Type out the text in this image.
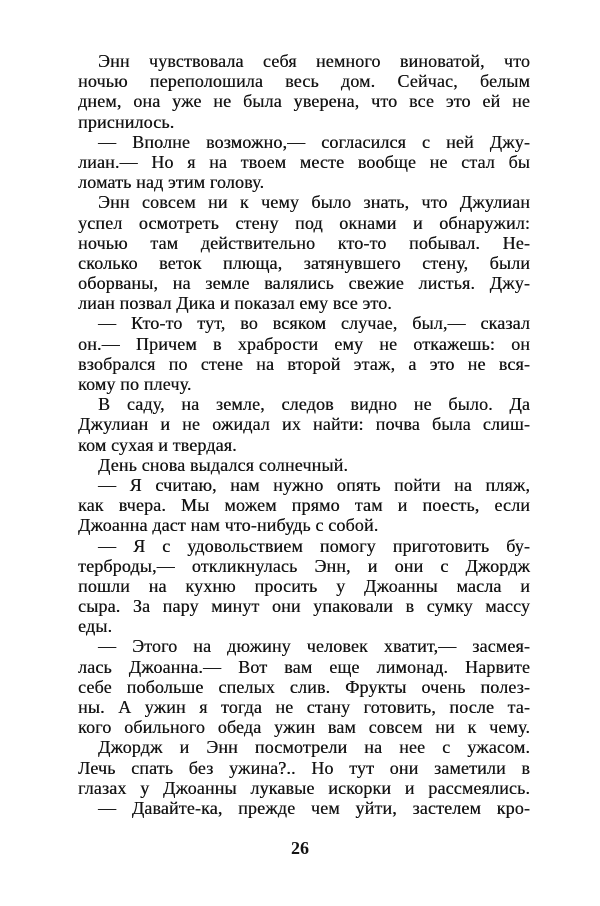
Энн чувствовала себя немного виноватой, что
ночью переполошила весь дом. Сейчас, белым
днем, она уже не была уверена, что все это ей не
приснилось.
— Вполне возможно,— согласился с ней Джу-
лиан.— Но я на твоем месте вообще не стал бы
ломать над этим голову.
Энн совсем ни к чему было знать, что Джулиан
успел осмотреть стену под окнами и обнаружил:
ночью там действительно кто-то побывал. Не-
сколько веток плюща, затянувшего стену, были
оборваны, на земле валялись свежие листья. Джу-
лиан позвал Дика и показал ему все это.
— Кто-то тут, во всяком случае, был,— сказал
он.— Причем в храбрости ему не откажешь: он
взобрался по стене на второй этаж, а это не вся-
кому по плечу.
В саду, на земле, следов видно не было. Да
Джулиан и не ожидал их найти: почва была слиш-
ком сухая и твердая.
День снова выдался солнечный.
— Я считаю, нам нужно опять пойти на пляж,
как вчера. Мы можем прямо там и поесть, если
Джоанна даст нам что-нибудь с собой.
— Я с удовольствием помогу приготовить бу-
терброды,— откликнулась Энн, и они с Джордж
пошли на кухню просить у Джоанны масла и
сыра. За пару минут они упаковали в сумку массу
еды.
— Этого на дюжину человек хватит,— засмея-
лась Джоанна.— Вот вам еще лимонад. Нарвите
себе побольше спелых слив. Фрукты очень полез-
ны. А ужин я тогда не стану готовить, после та-
кого обильного обеда ужин вам совсем ни к чему.
Джордж и Энн посмотрели на нее с ужасом.
Лечь спать без ужина?.. Но тут они заметили в
глазах у Джоанны лукавые искорки и рассмеялись.
— Давайте-ка, прежде чем уйти, застелем кро-
26
